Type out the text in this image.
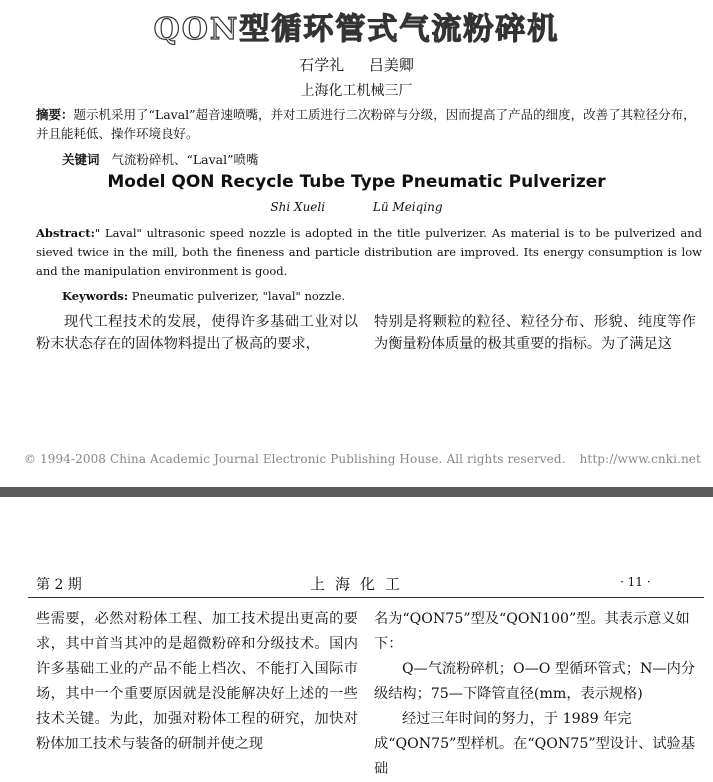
QON型循环管式气流粉碎机
石学礼 吕美卿
上海化工机械三厂
摘要：题示机采用了“Laval”超音速喷嘴，并对工质进行二次粉碎与分级，因而提高了产品的细度，改善了其粒径分布，并且能耗低、操作环境良好。
关键词 气流粉碎机、“Laval”喷嘴
Model QON Recycle Tube Type Pneumatic Pulverizer
Shi Xueli	Lü Meiqing
Abstract:" Laval" ultrasonic speed nozzle is adopted in the title pulverizer. As material is to be pulverized and sieved twice in the mill, both the fineness and particle distribution are improved. Its energy consumption is low and the manipulation environment is good.
Keywords: Pneumatic pulverizer, "laval" nozzle.
现代工程技术的发展，使得许多基础工业对以粉末状态存在的固体物料提出了极高的要求，
特别是将颗粒的粒径、粒径分布、形貌、纯度等作为衡量粉体质量的极其重要的指标。为了满足这
© 1994-2008 China Academic Journal Electronic Publishing House. All rights reserved. http://www.cnki.net
第 2 期	上海化工	· 11 ·
些需要，必然对粉体工程、加工技术提出更高的要求，其中首当其冲的是超微粉碎和分级技术。国内许多基础工业的产品不能上档次、不能打入国际市场，其中一个重要原因就是没能解决好上述的一些技术关键。为此，加强对粉体工程的研究，加快对粉体加工技术与装备的研制并使之现
名为“QON75”型及“QON100”型。其表示意义如下：
Q—气流粉碎机；O—O 型循环管式；N—内分级结构；75—下降管直径(mm，表示规格)
经过三年时间的努力，于 1989 年完成“QON75”型样机。在“QON75”型设计、试验基础
